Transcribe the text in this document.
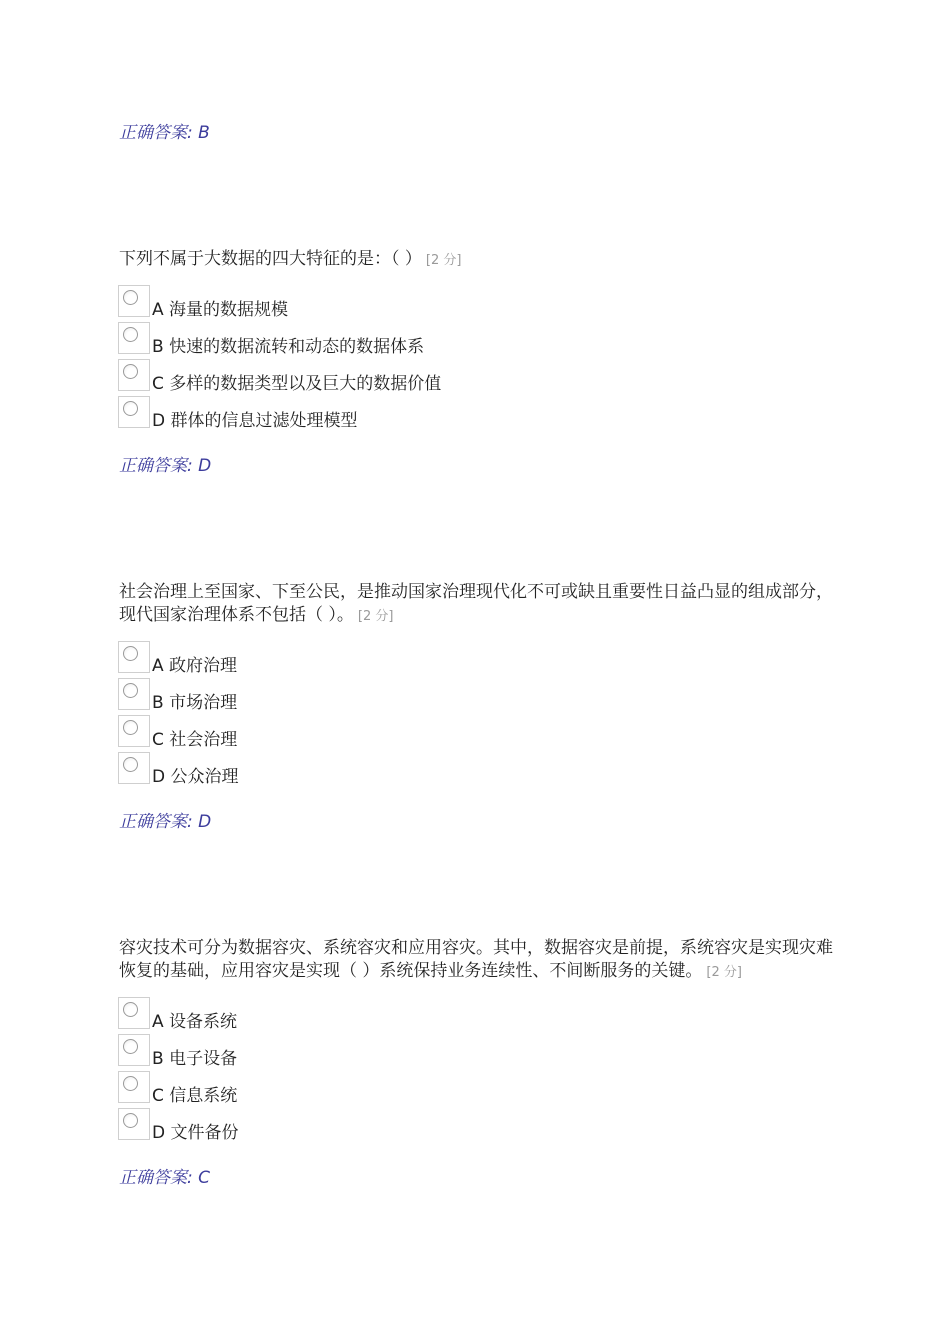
正确答案: B
下列不属于大数据的四大特征的是：（ ） [2 分]
A 海量的数据规模
B 快速的数据流转和动态的数据体系
C 多样的数据类型以及巨大的数据价值
D 群体的信息过滤处理模型
正确答案: D
社会治理上至国家、下至公民，是推动国家治理现代化不可或缺且重要性日益凸显的组成部分，现代国家治理体系不包括（ ）。 [2 分]
A 政府治理
B 市场治理
C 社会治理
D 公众治理
正确答案: D
容灾技术可分为数据容灾、系统容灾和应用容灾。其中，数据容灾是前提，系统容灾是实现灾难恢复的基础，应用容灾是实现（ ）系统保持业务连续性、不间断服务的关键。 [2 分]
A 设备系统
B 电子设备
C 信息系统
D 文件备份
正确答案: C
